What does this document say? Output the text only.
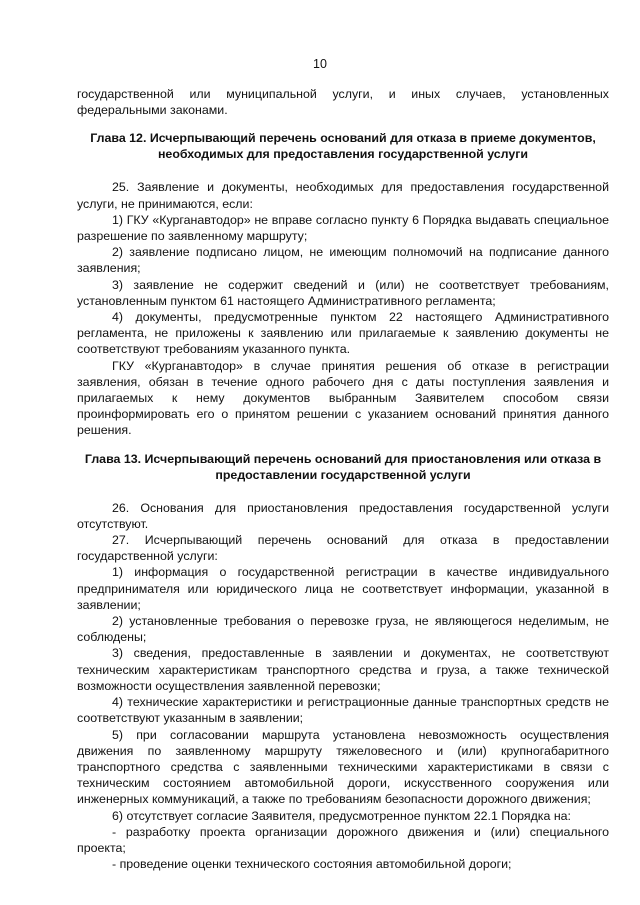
10

государственной или муниципальной услуги, и иных случаев, установленных федеральными законами.

Глава 12. Исчерпывающий перечень оснований для отказа в приеме документов, необходимых для предоставления государственной услуги

25. Заявление и документы, необходимых для предоставления государственной услуги, не принимаются, если:

1) ГКУ «Курганавтодор» не вправе согласно пункту 6 Порядка выдавать специальное разрешение по заявленному маршруту;

2) заявление подписано лицом, не имеющим полномочий на подписание данного заявления;

3) заявление не содержит сведений и (или) не соответствует требованиям, установленным пунктом 61 настоящего Административного регламента;

4) документы, предусмотренные пунктом 22 настоящего Административного регламента, не приложены к заявлению или прилагаемые к заявлению документы не соответствуют требованиям указанного пункта.

ГКУ «Курганавтодор» в случае принятия решения об отказе в регистрации заявления, обязан в течение одного рабочего дня с даты поступления заявления и прилагаемых к нему документов выбранным Заявителем способом связи проинформировать его о принятом решении с указанием оснований принятия данного решения.

Глава 13. Исчерпывающий перечень оснований для приостановления или отказа в предоставлении государственной услуги

26. Основания для приостановления предоставления государственной услуги отсутствуют.

27. Исчерпывающий перечень оснований для отказа в предоставлении государственной услуги:

1) информация о государственной регистрации в качестве индивидуального предпринимателя или юридического лица не соответствует информации, указанной в заявлении;

2) установленные требования о перевозке груза, не являющегося неделимым, не соблюдены;

3) сведения, предоставленные в заявлении и документах, не соответствуют техническим характеристикам транспортного средства и груза, а также технической возможности осуществления заявленной перевозки;

4) технические характеристики и регистрационные данные транспортных средств не соответствуют указанным в заявлении;

5) при согласовании маршрута установлена невозможность осуществления движения по заявленному маршруту тяжеловесного и (или) крупногабаритного транспортного средства с заявленными техническими характеристиками в связи с техническим состоянием автомобильной дороги, искусственного сооружения или инженерных коммуникаций, а также по требованиям безопасности дорожного движения;

6) отсутствует согласие Заявителя, предусмотренное пунктом 22.1 Порядка на:

- разработку проекта организации дорожного движения и (или) специального проекта;

- проведение оценки технического состояния автомобильной дороги;
